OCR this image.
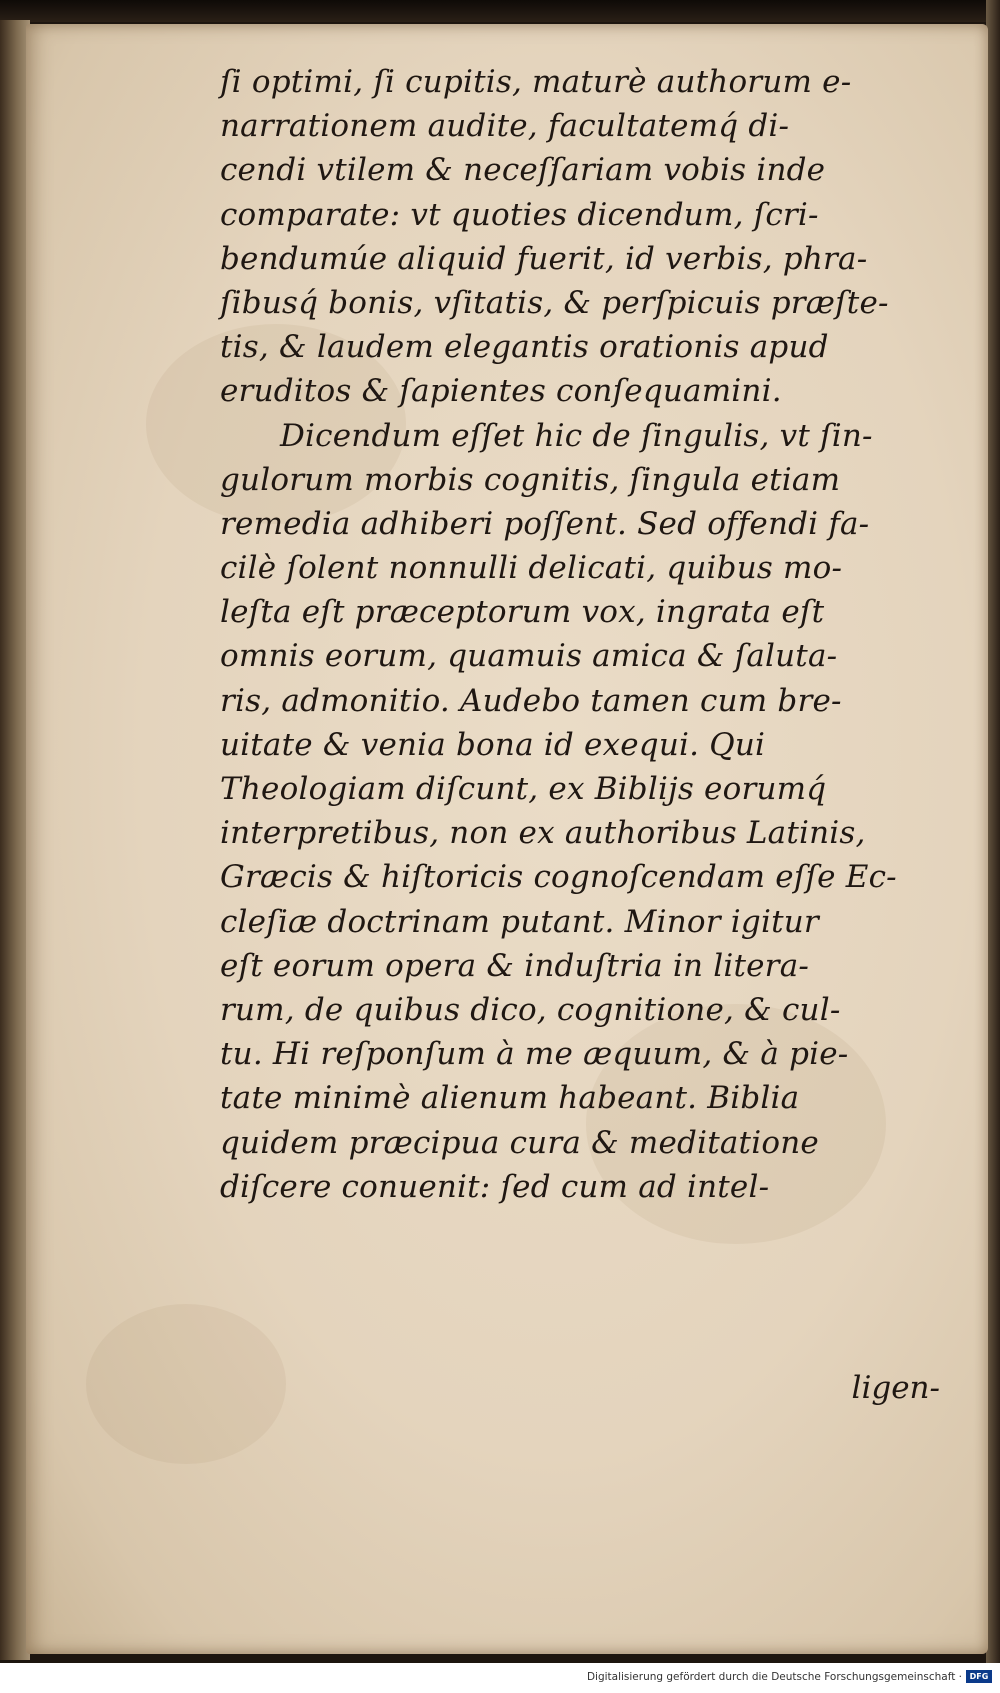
ſi optimi, ſi cupitis, maturè authorum e-
narrationem audite, facultatemq́ di-
cendi vtilem & neceſſariam vobis inde
comparate: vt quoties dicendum, ſcri-
bendumúe aliquid fuerit, id verbis, phra-
ſibusq́ bonis, vſitatis, & perſpicuis præſte-
tis, & laudem elegantis orationis apud
eruditos & ſapientes conſequamini.
Dicendum eſſet hic de ſingulis, vt ſin-
gulorum morbis cognitis, ſingula etiam
remedia adhiberi poſſent. Sed offendi fa-
cilè ſolent nonnulli delicati, quibus mo-
leſta eſt præceptorum vox, ingrata eſt
omnis eorum, quamuis amica & ſaluta-
ris, admonitio. Audebo tamen cum bre-
uitate & venia bona id exequi. Qui
Theologiam diſcunt, ex Biblijs eorumq́
interpretibus, non ex authoribus Latinis,
Græcis & hiſtoricis cognoſcendam eſſe Ec-
cleſiæ doctrinam putant. Minor igitur
eſt eorum opera & induſtria in litera-
rum, de quibus dico, cognitione, & cul-
tu. Hi reſponſum à me æquum, & à pie-
tate minimè alienum habeant. Biblia
quidem præcipua cura & meditatione
diſcere conuenit: ſed cum ad intel-
ligen-
Digitalisierung gefördert durch die Deutsche Forschungsgemeinschaft · DFG
